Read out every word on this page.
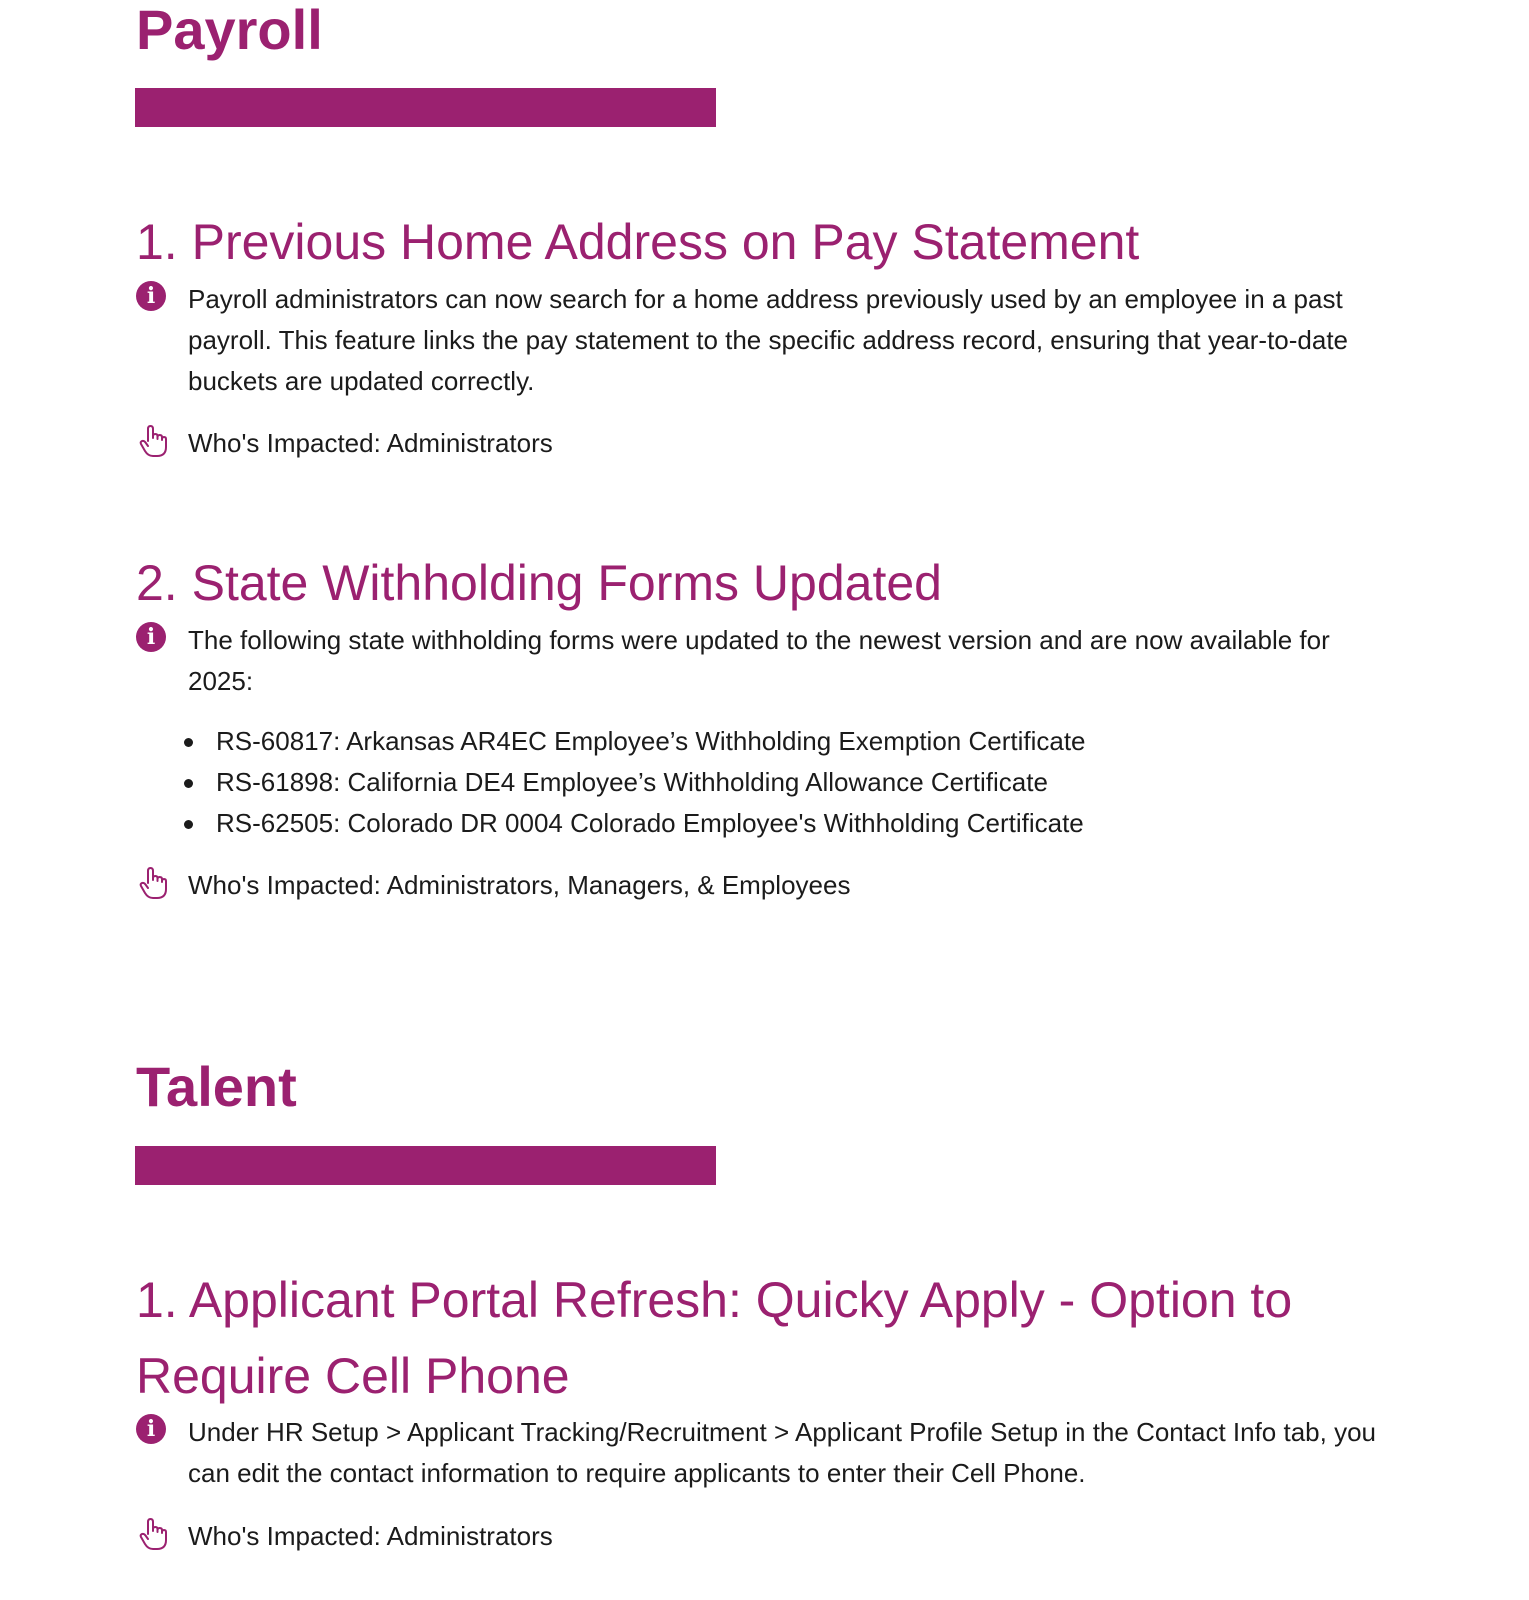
Payroll
1. Previous Home Address on Pay Statement
i	Payroll administrators can now search for a home address previously used by an employee in a past payroll. This feature links the pay statement to the specific address record, ensuring that year-to-date buckets are updated correctly.
Who's Impacted: Administrators
2. State Withholding Forms Updated
i	The following state withholding forms were updated to the newest version and are now available for 2025:
RS-60817: Arkansas AR4EC Employee’s Withholding Exemption Certificate
RS-61898: California DE4 Employee’s Withholding Allowance Certificate
RS-62505: Colorado DR 0004 Colorado Employee's Withholding Certificate
Who's Impacted: Administrators, Managers, & Employees
Talent
1. Applicant Portal Refresh: Quicky Apply - Option to Require Cell Phone
i	Under HR Setup > Applicant Tracking/Recruitment > Applicant Profile Setup in the Contact Info tab, you can edit the contact information to require applicants to enter their Cell Phone.
Who's Impacted: Administrators
